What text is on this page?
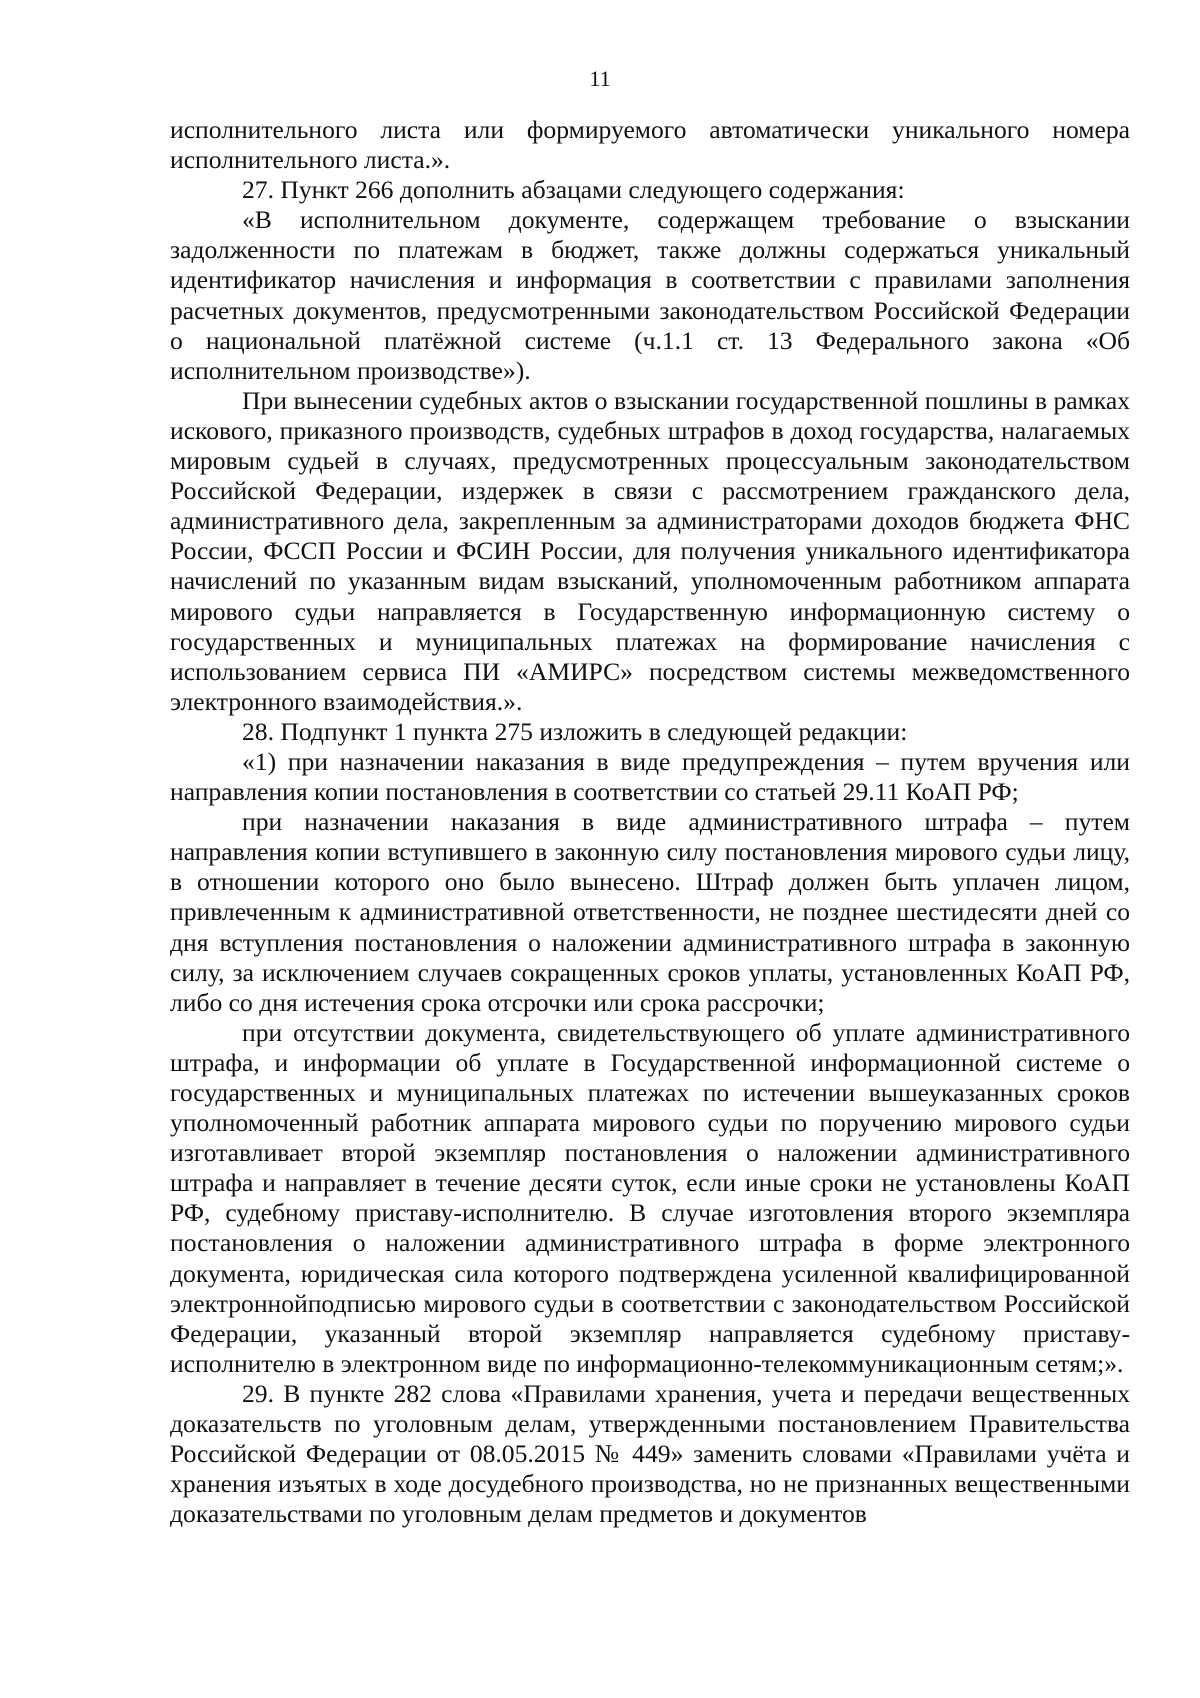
11

исполнительного листа или формируемого автоматически уникального номера исполнительного листа.».

27. Пункт 266 дополнить абзацами следующего содержания:

«В исполнительном документе, содержащем требование о взыскании задолженности по платежам в бюджет, также должны содержаться уникальный идентификатор начисления и информация в соответствии с правилами заполнения расчетных документов, предусмотренными законодательством Российской Федерации о национальной платёжной системе (ч.1.1 ст. 13 Федерального закона «Об исполнительном производстве»).

При вынесении судебных актов о взыскании государственной пошлины в рамках искового, приказного производств, судебных штрафов в доход государства, налагаемых мировым судьей в случаях, предусмотренных процессуальным законодательством Российской Федерации, издержек в связи с рассмотрением гражданского дела, административного дела, закрепленным за администраторами доходов бюджета ФНС России, ФССП России и ФСИН России, для получения уникального идентификатора начислений по указанным видам взысканий, уполномоченным работником аппарата мирового судьи направляется в Государственную информационную систему о государственных и муниципальных платежах на формирование начисления с использованием сервиса ПИ «АМИРС» посредством системы межведомственного электронного взаимодействия.».

28. Подпункт 1 пункта 275 изложить в следующей редакции:

«1) при назначении наказания в виде предупреждения – путем вручения или направления копии постановления в соответствии со статьей 29.11 КоАП РФ;

при назначении наказания в виде административного штрафа – путем направления копии вступившего в законную силу постановления мирового судьи лицу, в отношении которого оно было вынесено. Штраф должен быть уплачен лицом, привлеченным к административной ответственности, не позднее шестидесяти дней со дня вступления постановления о наложении административного штрафа в законную силу, за исключением случаев сокращенных сроков уплаты, установленных КоАП РФ, либо со дня истечения срока отсрочки или срока рассрочки;

при отсутствии документа, свидетельствующего об уплате административного штрафа, и информации об уплате в Государственной информационной системе о государственных и муниципальных платежах по истечении вышеуказанных сроков уполномоченный работник аппарата мирового судьи по поручению мирового судьи изготавливает второй экземпляр постановления о наложении административного штрафа и направляет в течение десяти суток, если иные сроки не установлены КоАП РФ, судебному приставу-исполнителю. В случае изготовления второго экземпляра постановления о наложении административного штрафа в форме электронного документа, юридическая сила которого подтверждена усиленной квалифицированной электроннойподписью мирового судьи в соответствии с законодательством Российской Федерации, указанный второй экземпляр направляется судебному приставу-исполнителю в электронном виде по информационно-телекоммуникационным сетям;».

29. В пункте 282 слова «Правилами хранения, учета и передачи вещественных доказательств по уголовным делам, утвержденными постановлением Правительства Российской Федерации от 08.05.2015 № 449» заменить словами «Правилами учёта и хранения изъятых в ходе досудебного производства, но не признанных вещественными доказательствами по уголовным делам предметов и документов
